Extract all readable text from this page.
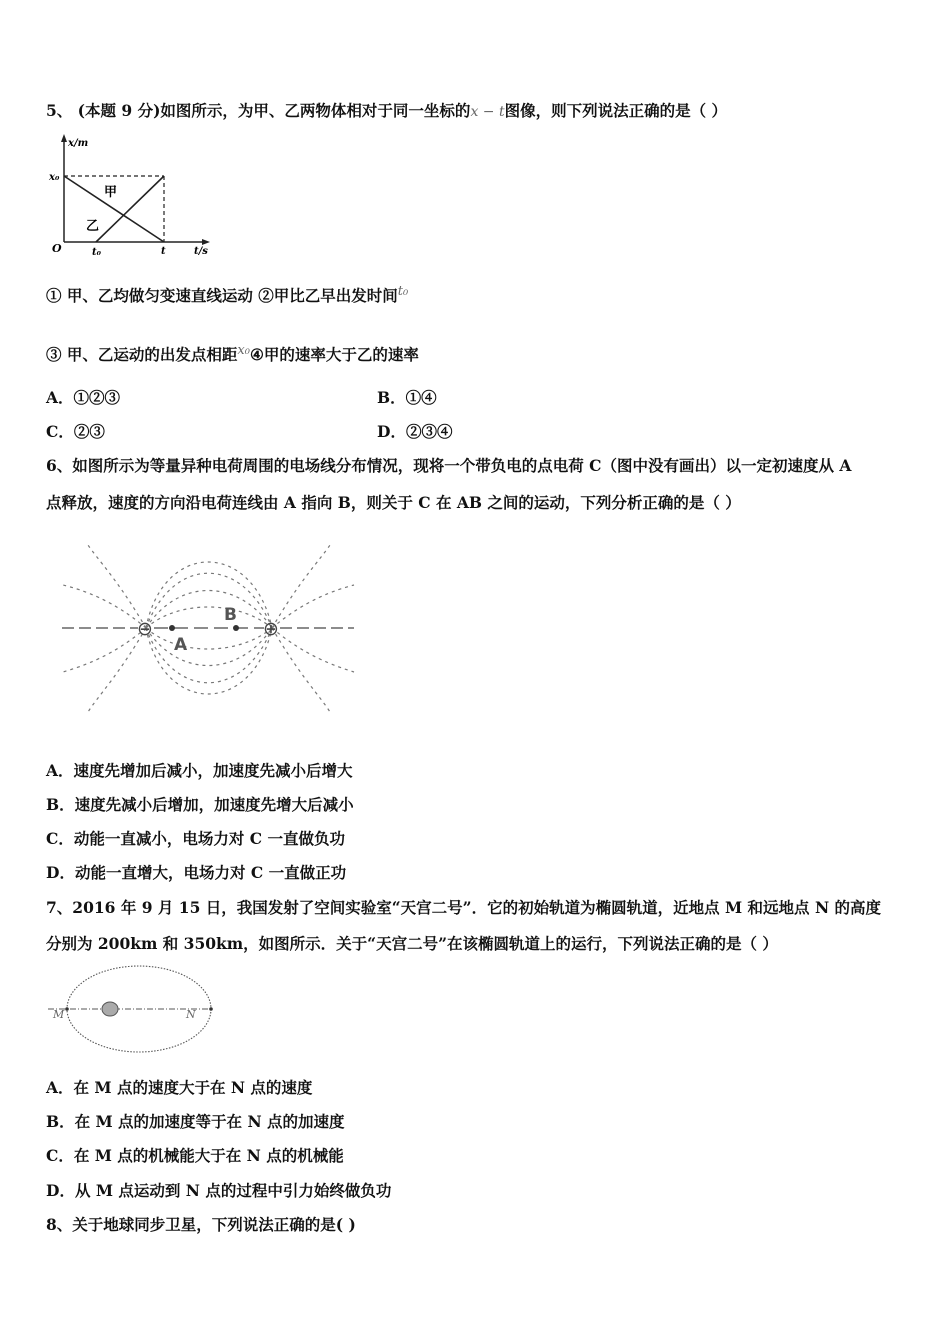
5、 (本题 9 分)如图所示，为甲、乙两物体相对于同一坐标的x − t图像，则下列说法正确的是（ ）
x/m
t/s
O
x₀
t₀	t
甲
乙
① 甲、乙均做匀变速直线运动 ②甲比乙早出发时间$^{t_0}$
③ 甲、乙运动的出发点相距$^{x_0}$④甲的速率大于乙的速率
A．①②③	B．①④
C．②③	D．②③④
6、如图所示为等量异种电荷周围的电场线分布情况，现将一个带负电的点电荷 C（图中没有画出）以一定初速度从 A
点释放，速度的方向沿电荷连线由 A 指向 B，则关于 C 在 AB 之间的运动，下列分析正确的是（ ）
⊖	⊕
A
B
A．速度先增加后减小，加速度先减小后增大
B．速度先减小后增加，加速度先增大后减小
C．动能一直减小，电场力对 C 一直做负功
D．动能一直增大，电场力对 C 一直做正功
7、2016 年 9 月 15 日，我国发射了空间实验室“天宫二号”．它的初始轨道为椭圆轨道，近地点 M 和远地点 N 的高度
分别为 200km 和 350km，如图所示．关于“天宫二号”在该椭圆轨道上的运行，下列说法正确的是（ ）
M	N
A．在 M 点的速度大于在 N 点的速度
B．在 M 点的加速度等于在 N 点的加速度
C．在 M 点的机械能大于在 N 点的机械能
D．从 M 点运动到 N 点的过程中引力始终做负功
8、关于地球同步卫星，下列说法正确的是( )
